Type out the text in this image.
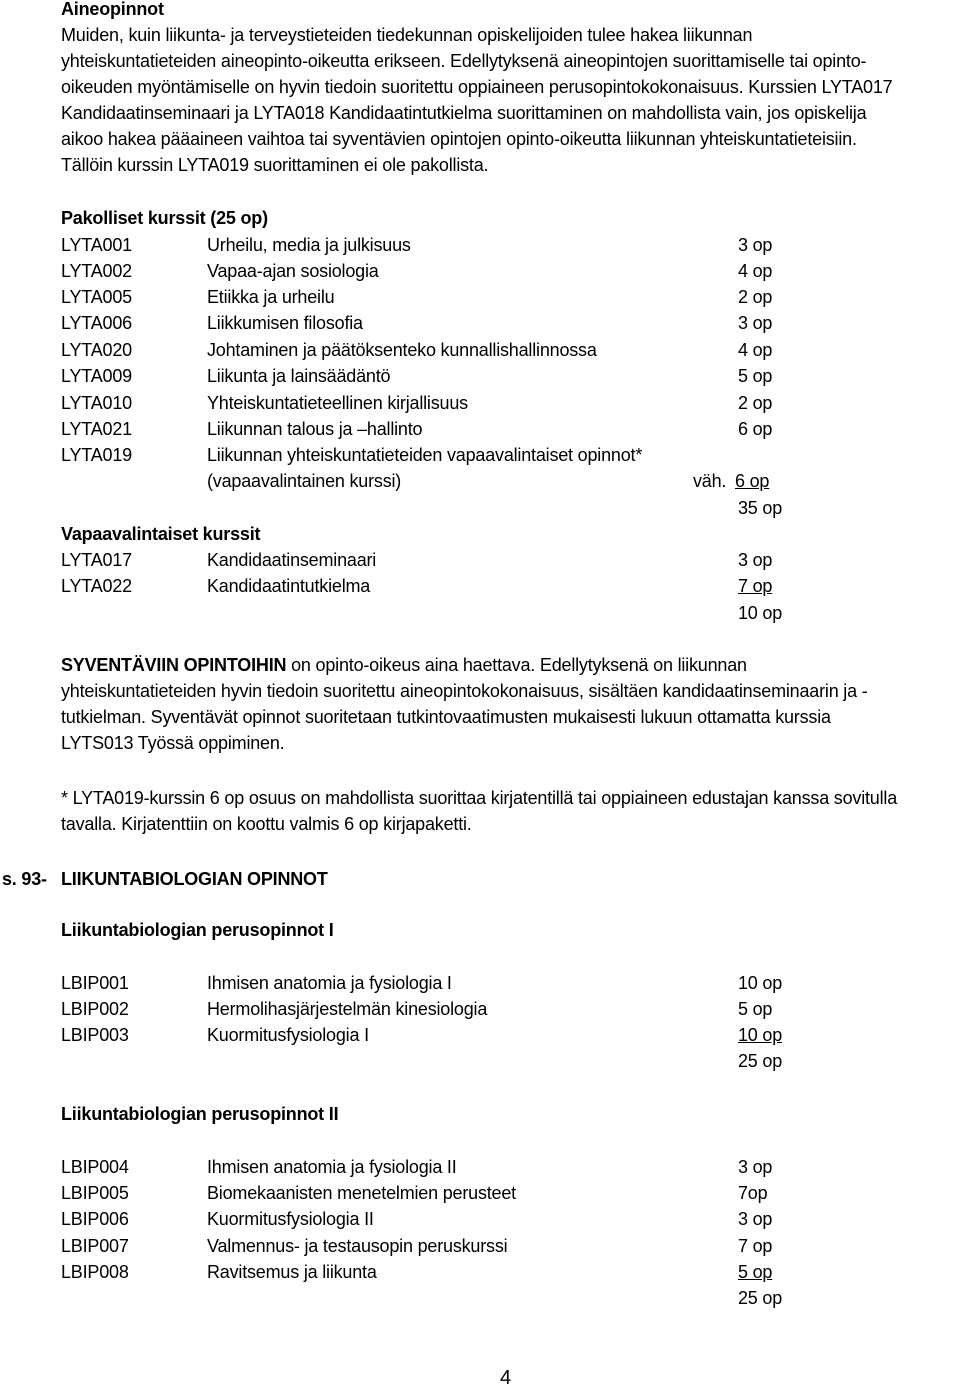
Aineopinnot
Muiden, kuin liikunta- ja terveystieteiden tiedekunnan opiskelijoiden tulee hakea liikunnan
yhteiskuntatieteiden aineopinto-oikeutta erikseen. Edellytyksenä aineopintojen suorittamiselle tai opinto-
oikeuden myöntämiselle on hyvin tiedoin suoritettu oppiaineen perusopintokokonaisuus. Kurssien LYTA017
Kandidaatinseminaari ja LYTA018 Kandidaatintutkielma suorittaminen on mahdollista vain, jos opiskelija
aikoo hakea pääaineen vaihtoa tai syventävien opintojen opinto-oikeutta liikunnan yhteiskuntatieteisiin.
Tällöin kurssin LYTA019 suorittaminen ei ole pakollista.
Pakolliset kurssit (25 op)
LYTA001	Urheilu, media ja julkisuus	3 op
LYTA002	Vapaa-ajan sosiologia	4 op
LYTA005	Etiikka ja urheilu	2 op
LYTA006	Liikkumisen filosofia	3 op
LYTA020	Johtaminen ja päätöksenteko kunnallishallinnossa	4 op
LYTA009	Liikunta ja lainsäädäntö	5 op
LYTA010	Yhteiskuntatieteellinen kirjallisuus	2 op
LYTA021	Liikunnan talous ja –hallinto	6 op
LYTA019	Liikunnan yhteiskuntatieteiden vapaavalintaiset opinnot*
(vapaavalintainen kurssi)	väh. 6 op
35 op
Vapaavalintaiset kurssit
LYTA017	Kandidaatinseminaari	3 op
LYTA022	Kandidaatintutkielma	7 op
10 op
SYVENTÄVIIN OPINTOIHIN on opinto-oikeus aina haettava. Edellytyksenä on liikunnan
yhteiskuntatieteiden hyvin tiedoin suoritettu aineopintokokonaisuus, sisältäen kandidaatinseminaarin ja -
tutkielman. Syventävät opinnot suoritetaan tutkintovaatimusten mukaisesti lukuun ottamatta kurssia
LYTS013 Työssä oppiminen.
* LYTA019-kurssin 6 op osuus on mahdollista suorittaa kirjatentillä tai oppiaineen edustajan kanssa sovitulla
tavalla. Kirjatenttiin on koottu valmis 6 op kirjapaketti.
s. 93- LIIKUNTABIOLOGIAN OPINNOT
Liikuntabiologian perusopinnot I
LBIP001	Ihmisen anatomia ja fysiologia I	10 op
LBIP002	Hermolihasjärjestelmän kinesiologia	5 op
LBIP003	Kuormitusfysiologia I	10 op
25 op
Liikuntabiologian perusopinnot II
LBIP004	Ihmisen anatomia ja fysiologia II	3 op
LBIP005	Biomekaanisten menetelmien perusteet	7op
LBIP006	Kuormitusfysiologia II	3 op
LBIP007	Valmennus- ja testausopin peruskurssi	7 op
LBIP008	Ravitsemus ja liikunta	5 op
25 op
4
